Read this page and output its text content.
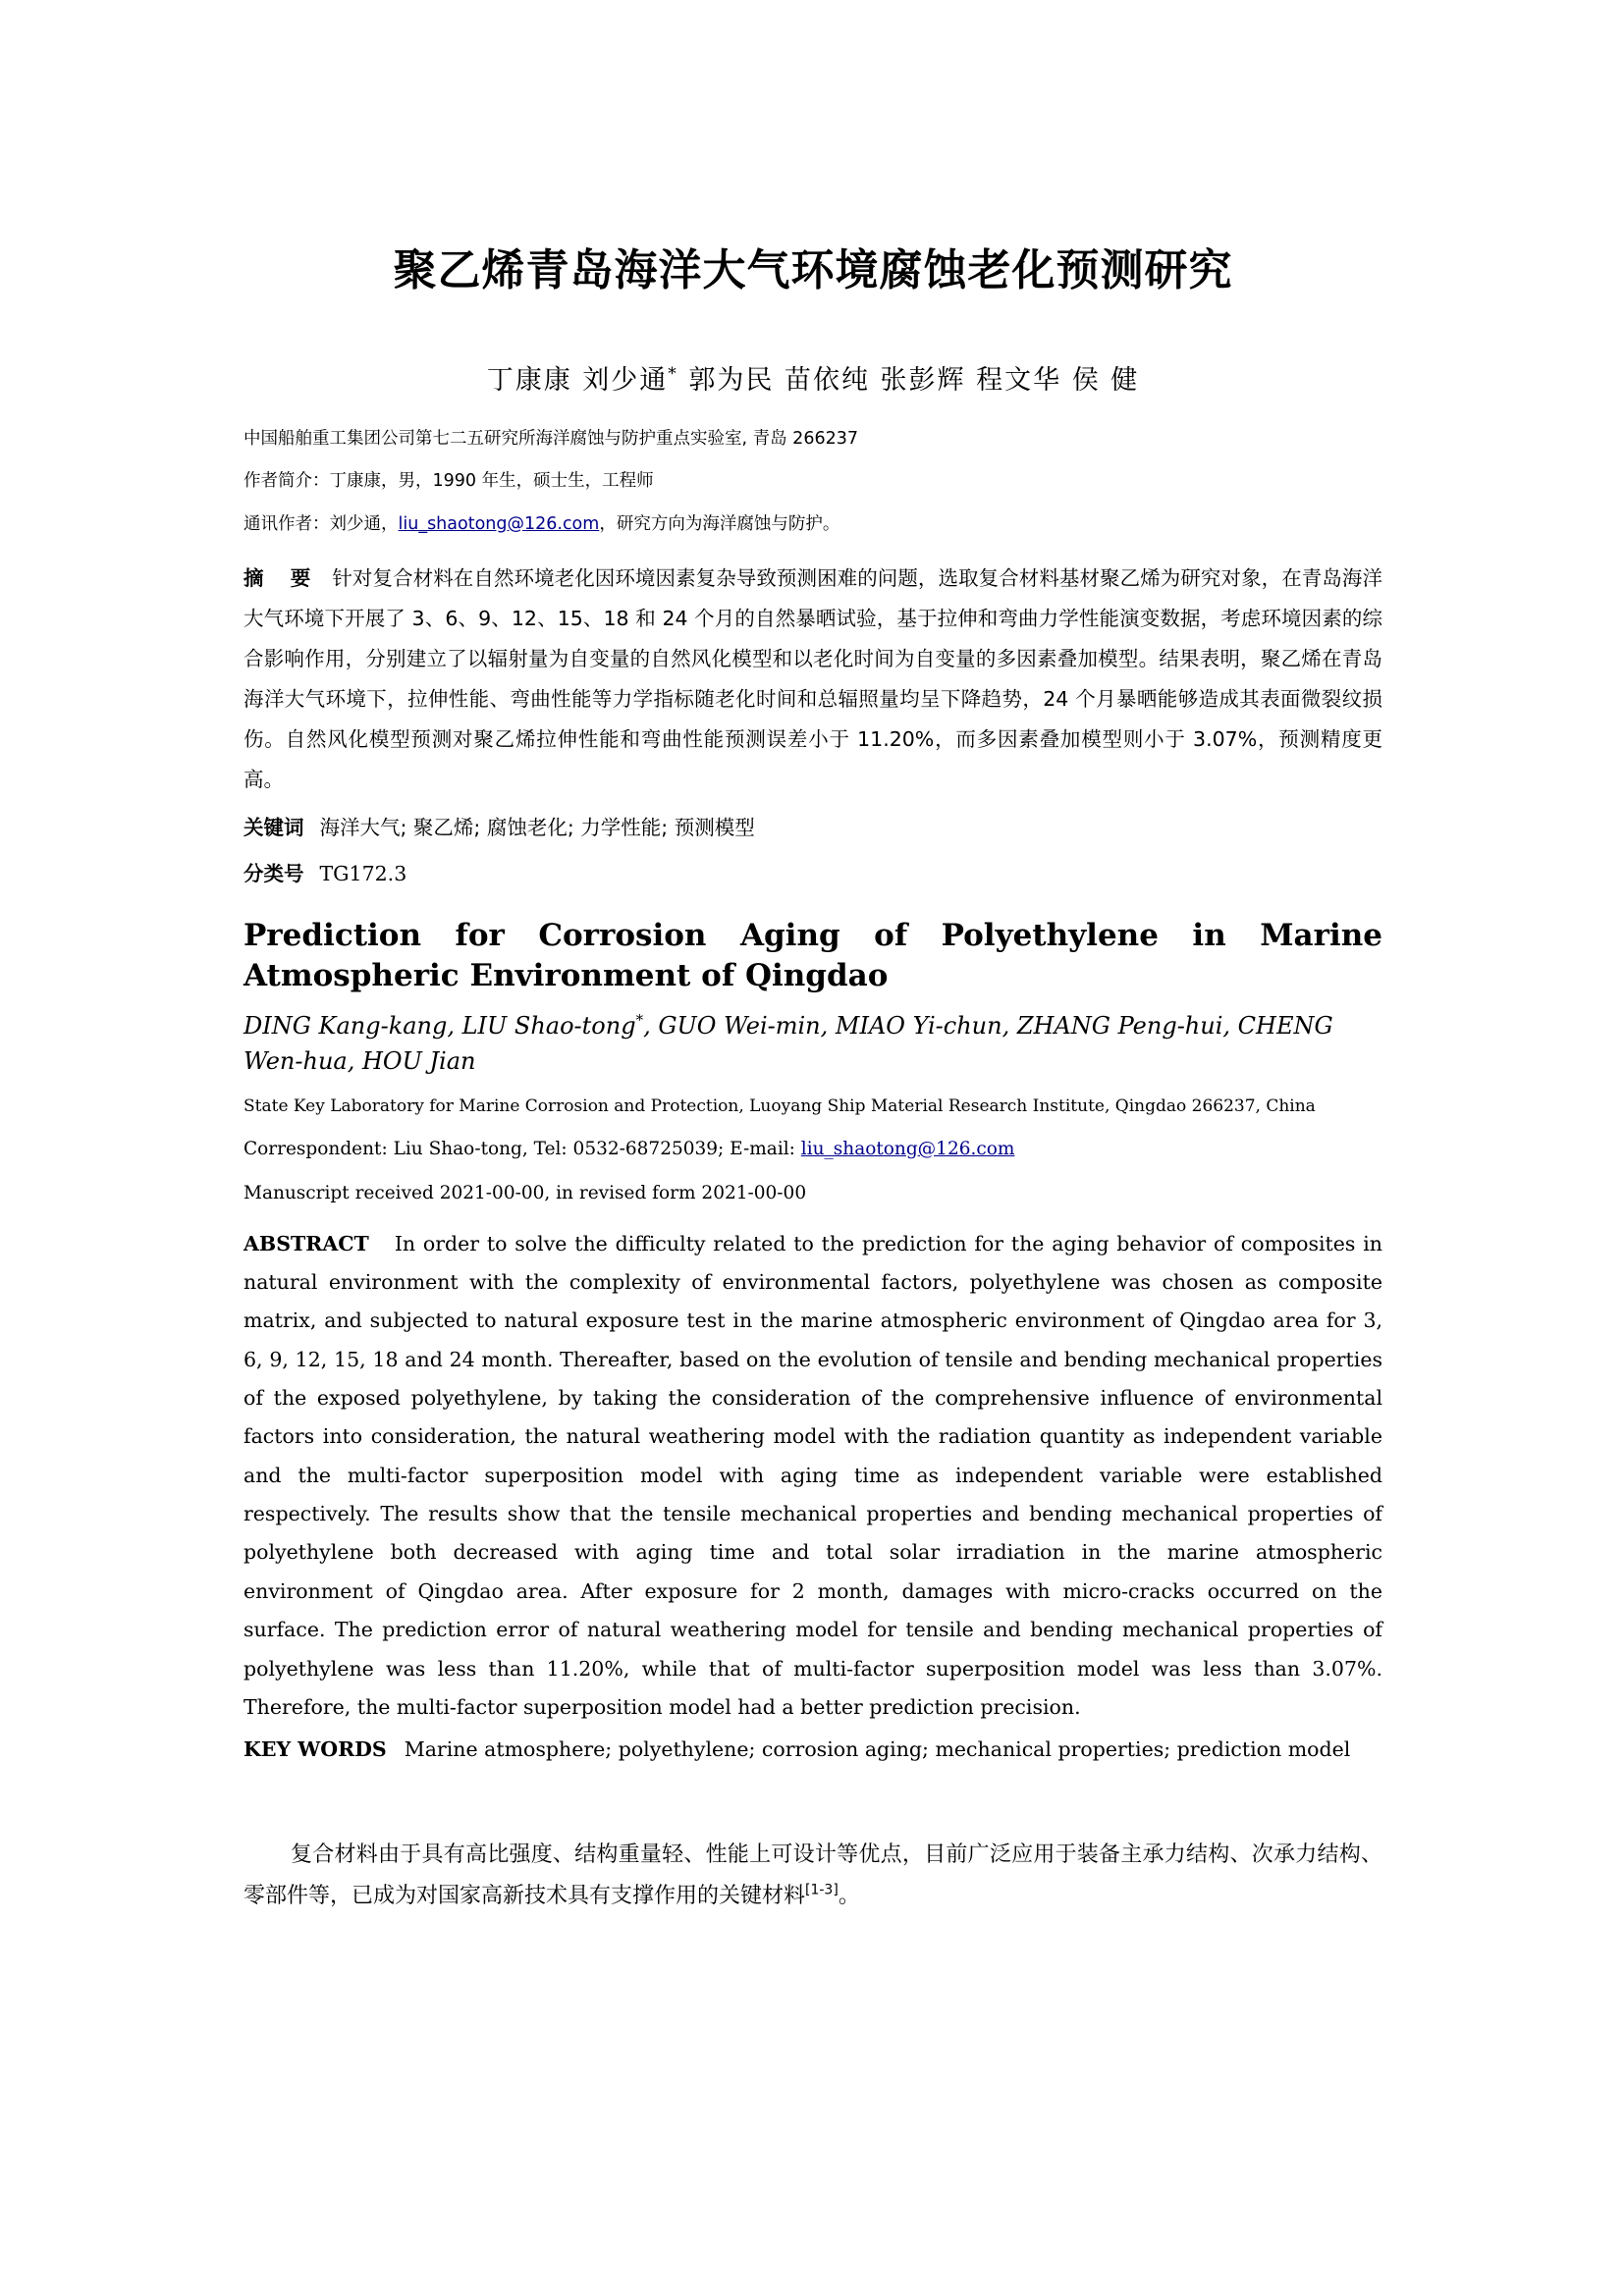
聚乙烯青岛海洋大气环境腐蚀老化预测研究
丁康康 刘少通* 郭为民 苗依纯 张彭辉 程文华 侯 健
中国船舶重工集团公司第七二五研究所海洋腐蚀与防护重点实验室, 青岛 266237
作者简介：丁康康，男，1990 年生，硕士生，工程师
通讯作者：刘少通，liu_shaotong@126.com，研究方向为海洋腐蚀与防护。
摘 要 针对复合材料在自然环境老化因环境因素复杂导致预测困难的问题，选取复合材料基材聚乙烯为研究对象，在青岛海洋大气环境下开展了 3、6、9、12、15、18 和 24 个月的自然暴晒试验，基于拉伸和弯曲力学性能演变数据，考虑环境因素的综合影响作用，分别建立了以辐射量为自变量的自然风化模型和以老化时间为自变量的多因素叠加模型。结果表明，聚乙烯在青岛海洋大气环境下，拉伸性能、弯曲性能等力学指标随老化时间和总辐照量均呈下降趋势，24 个月暴晒能够造成其表面微裂纹损伤。自然风化模型预测对聚乙烯拉伸性能和弯曲性能预测误差小于 11.20%，而多因素叠加模型则小于 3.07%，预测精度更高。
关键词 海洋大气; 聚乙烯; 腐蚀老化; 力学性能; 预测模型
分类号 TG172.3
Prediction for Corrosion Aging of Polyethylene in Marine
Atmospheric Environment of Qingdao
DING Kang-kang, LIU Shao-tong*, GUO Wei-min, MIAO Yi-chun, ZHANG Peng-hui, CHENG Wen-hua, HOU Jian
State Key Laboratory for Marine Corrosion and Protection, Luoyang Ship Material Research Institute, Qingdao 266237, China
Correspondent: Liu Shao-tong, Tel: 0532-68725039; E-mail: liu_shaotong@126.com
Manuscript received 2021-00-00, in revised form 2021-00-00
ABSTRACT In order to solve the difficulty related to the prediction for the aging behavior of composites in natural environment with the complexity of environmental factors, polyethylene was chosen as composite matrix, and subjected to natural exposure test in the marine atmospheric environment of Qingdao area for 3, 6, 9, 12, 15, 18 and 24 month. Thereafter, based on the evolution of tensile and bending mechanical properties of the exposed polyethylene, by taking the consideration of the comprehensive influence of environmental factors into consideration, the natural weathering model with the radiation quantity as independent variable and the multi-factor superposition model with aging time as independent variable were established respectively. The results show that the tensile mechanical properties and bending mechanical properties of polyethylene both decreased with aging time and total solar irradiation in the marine atmospheric environment of Qingdao area. After exposure for 2 month, damages with micro-cracks occurred on the surface. The prediction error of natural weathering model for tensile and bending mechanical properties of polyethylene was less than 11.20%, while that of multi-factor superposition model was less than 3.07%. Therefore, the multi-factor superposition model had a better prediction precision.
KEY WORDS Marine atmosphere; polyethylene; corrosion aging; mechanical properties; prediction model
复合材料由于具有高比强度、结构重量轻、性能上可设计等优点，目前广泛应用于装备主承力结构、次承力结构、零部件等，已成为对国家高新技术具有支撑作用的关键材料[1-3]。
